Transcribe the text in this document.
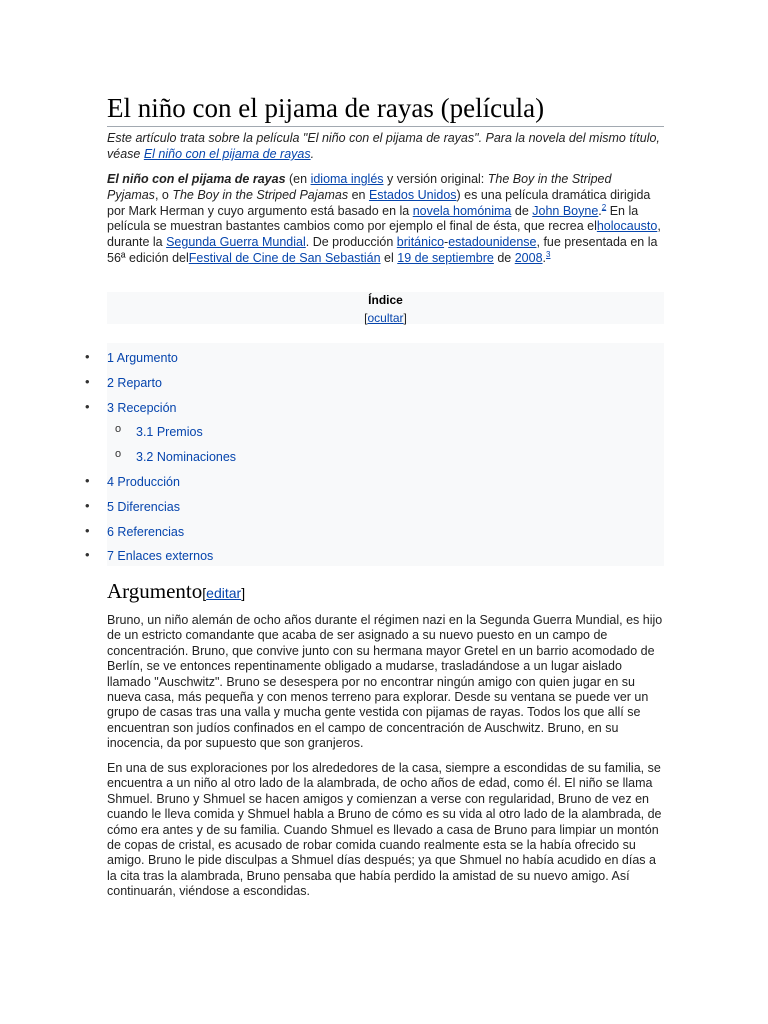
El niño con el pijama de rayas (película)

Este artículo trata sobre la película "El niño con el pijama de rayas". Para la novela del mismo título, véase El niño con el pijama de rayas.

El niño con el pijama de rayas (en idioma inglés y versión original: The Boy in the Striped Pyjamas, o The Boy in the Striped Pajamas en Estados Unidos) es una película dramática dirigida por Mark Herman y cuyo argumento está basado en la novela homónima de John Boyne.$^2$ En la película se muestran bastantes cambios como por ejemplo el final de ésta, que recrea elholocausto, durante la Segunda Guerra Mundial. De producción británico-estadounidense, fue presentada en la 56ª edición delFestival de Cine de San Sebastián el 19 de septiembre de 2008.$^3$

Índice
[ocultar]
• 1 Argumento
• 2 Reparto
• 3 Recepción
o 3.1 Premios
o 3.2 Nominaciones
• 4 Producción
• 5 Diferencias
• 6 Referencias
• 7 Enlaces externos
Argumento[editar]

Bruno, un niño alemán de ocho años durante el régimen nazi en la Segunda Guerra Mundial, es hijo de un estricto comandante que acaba de ser asignado a su nuevo puesto en un campo de concentración. Bruno, que convive junto con su hermana mayor Gretel en un barrio acomodado de Berlín, se ve entonces repentinamente obligado a mudarse, trasladándose a un lugar aislado llamado "Auschwitz". Bruno se desespera por no encontrar ningún amigo con quien jugar en su nueva casa, más pequeña y con menos terreno para explorar. Desde su ventana se puede ver un grupo de casas tras una valla y mucha gente vestida con pijamas de rayas. Todos los que allí se encuentran son judíos confinados en el campo de concentración de Auschwitz. Bruno, en su inocencia, da por supuesto que son granjeros.

En una de sus exploraciones por los alrededores de la casa, siempre a escondidas de su familia, se encuentra a un niño al otro lado de la alambrada, de ocho años de edad, como él. El niño se llama Shmuel. Bruno y Shmuel se hacen amigos y comienzan a verse con regularidad, Bruno de vez en cuando le lleva comida y Shmuel habla a Bruno de cómo es su vida al otro lado de la alambrada, de cómo era antes y de su familia. Cuando Shmuel es llevado a casa de Bruno para limpiar un montón de copas de cristal, es acusado de robar comida cuando realmente esta se la había ofrecido su amigo. Bruno le pide disculpas a Shmuel días después; ya que Shmuel no había acudido en días a la cita tras la alambrada, Bruno pensaba que había perdido la amistad de su nuevo amigo. Así continuarán, viéndose a escondidas.
